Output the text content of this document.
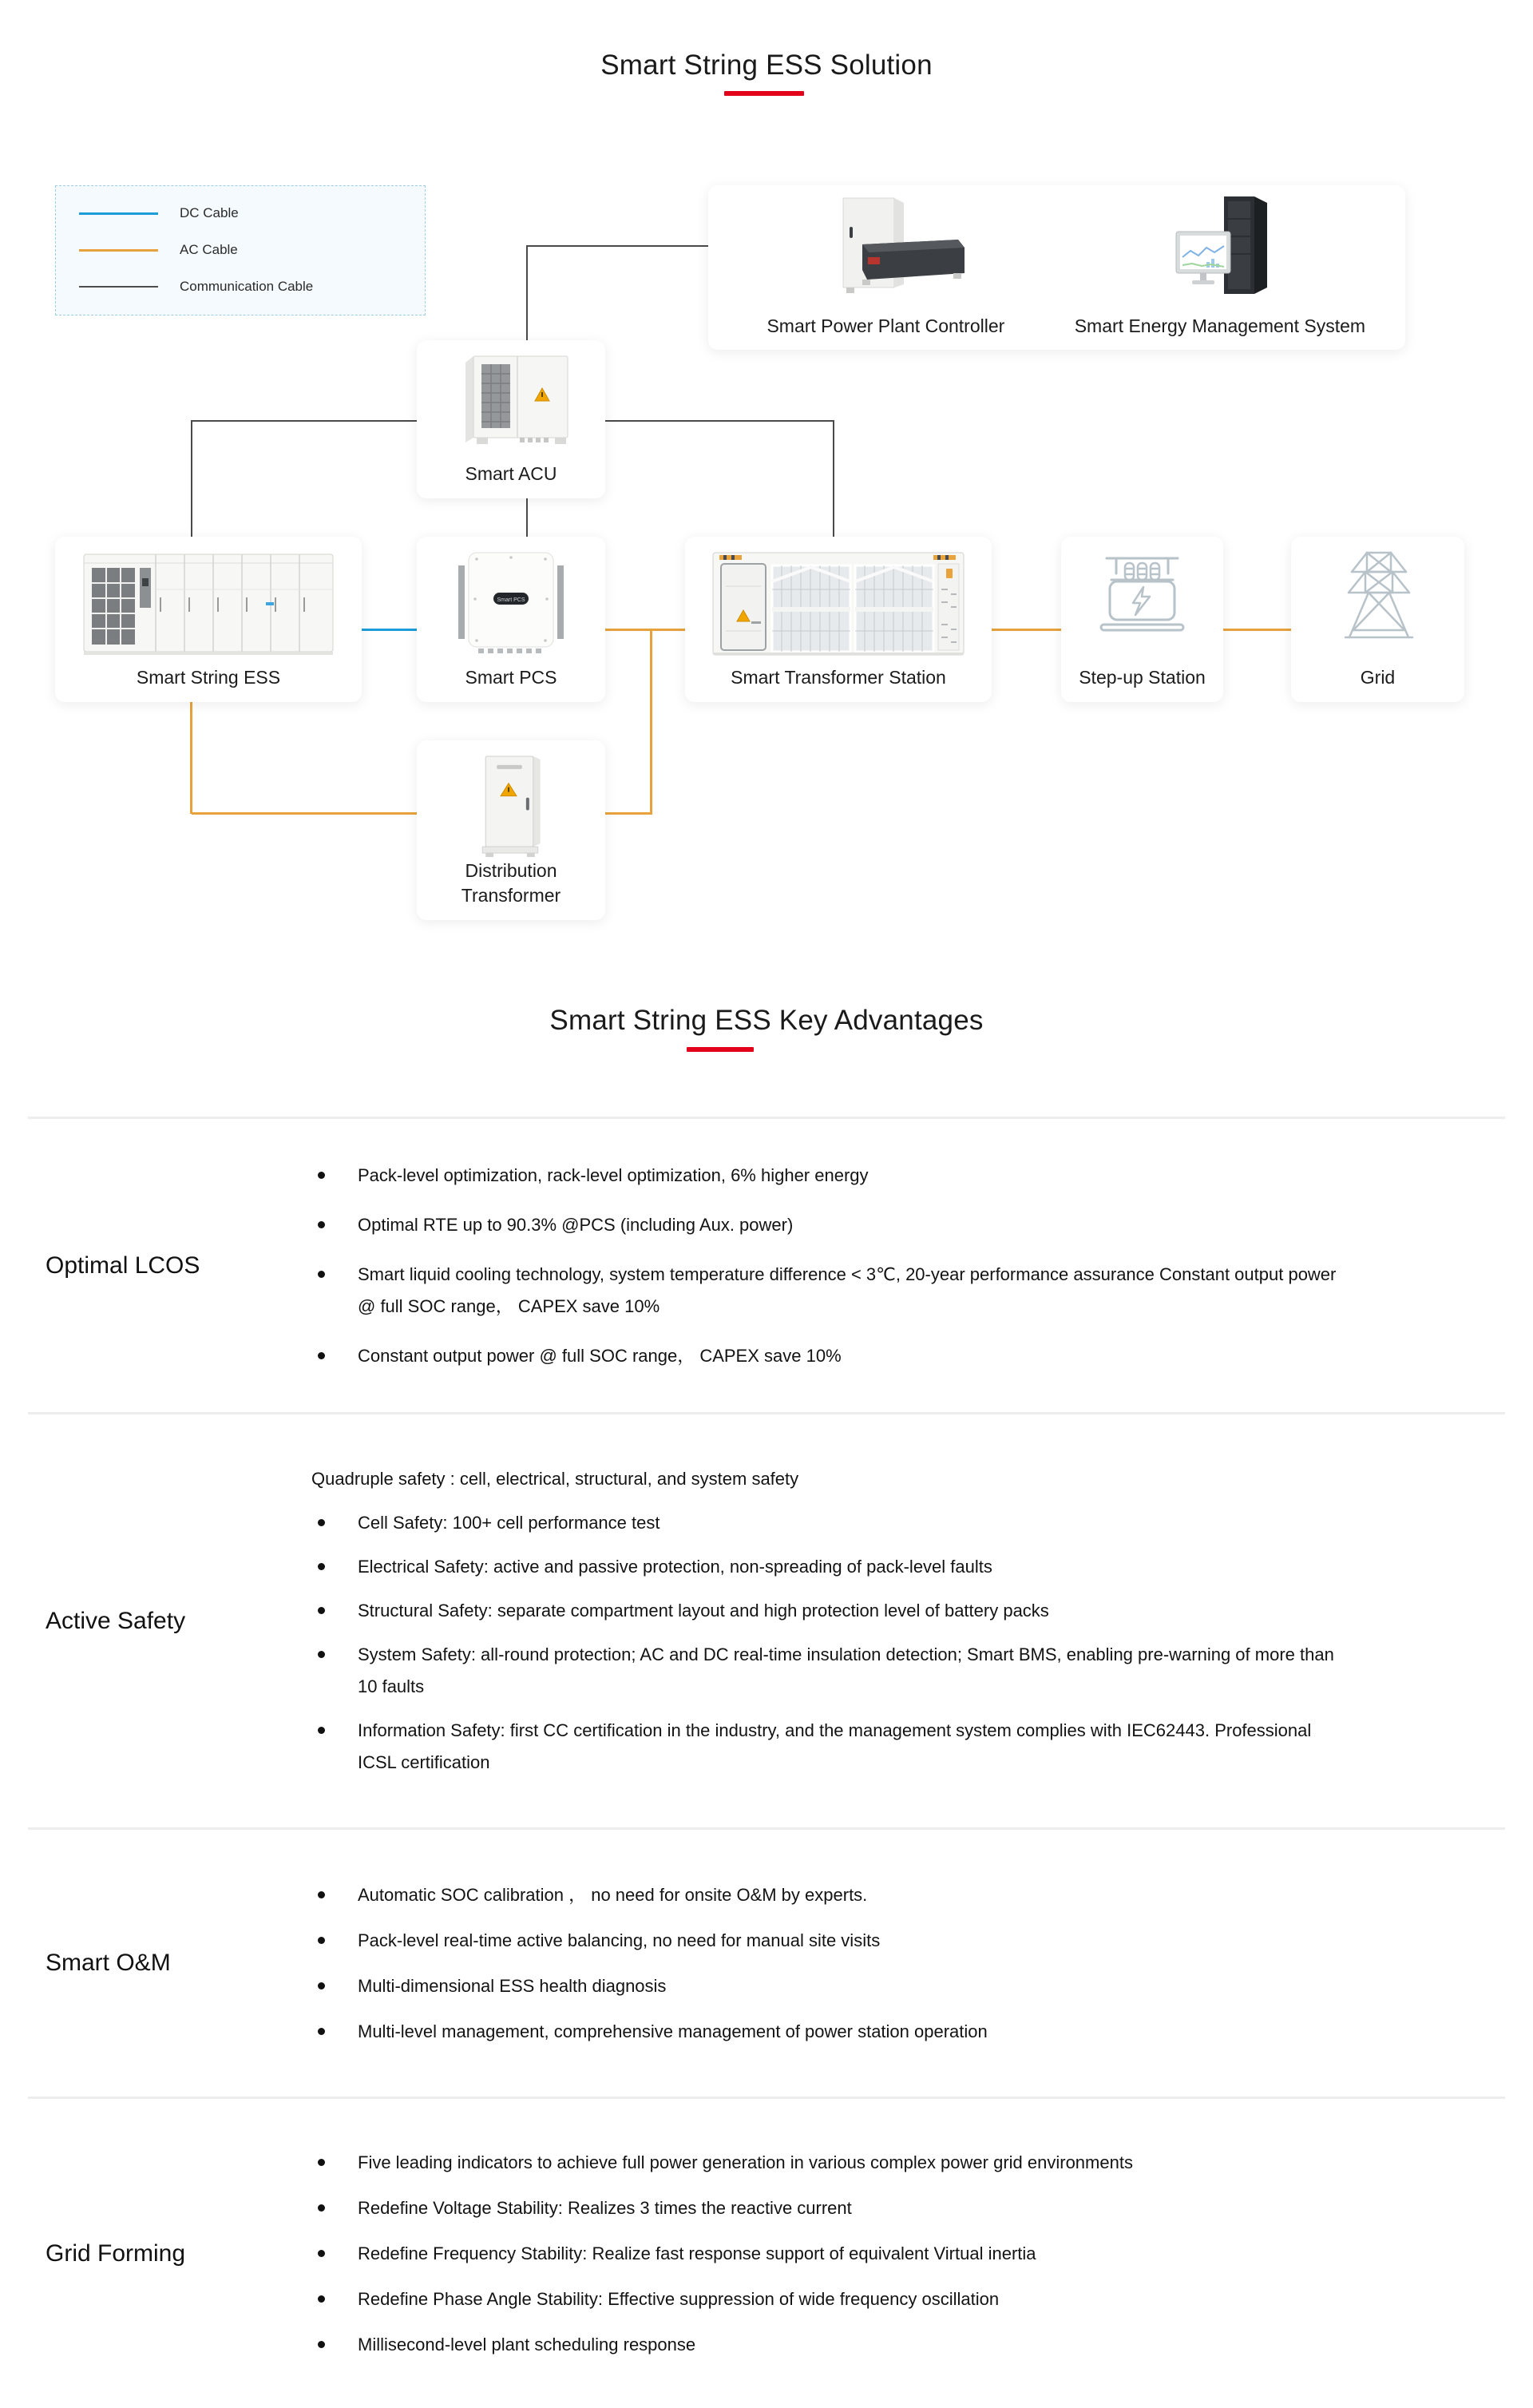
Smart String ESS Solution
DC Cable
AC Cable
Communication Cable
Smart Power Plant Controller	Smart Energy Management System
Smart ACU
Smart String ESS
Smart PCS
Smart PCS	Smart Transformer Station	Step-up Station	Grid
Distribution Transformer
Smart String ESS Key Advantages
Optimal LCOS
Pack-level optimization, rack-level optimization, 6% higher energy
Optimal RTE up to 90.3% @PCS (including Aux. power)
Smart liquid cooling technology, system temperature difference < 3℃, 20-year performance assurance Constant output power @ full SOC range， CAPEX save 10%
Constant output power @ full SOC range， CAPEX save 10%
Active Safety
Quadruple safety : cell, electrical, structural, and system safety
Cell Safety: 100+ cell performance test
Electrical Safety: active and passive protection, non-spreading of pack-level faults
Structural Safety: separate compartment layout and high protection level of battery packs
System Safety: all-round protection; AC and DC real-time insulation detection; Smart BMS, enabling pre-warning of more than 10 faults
Information Safety: first CC certification in the industry, and the management system complies with IEC62443. Professional ICSL certification
Smart O&M
Automatic SOC calibration ， no need for onsite O&M by experts.
Pack-level real-time active balancing, no need for manual site visits
Multi-dimensional ESS health diagnosis
Multi-level management, comprehensive management of power station operation
Grid Forming
Five leading indicators to achieve full power generation in various complex power grid environments
Redefine Voltage Stability: Realizes 3 times the reactive current
Redefine Frequency Stability: Realize fast response support of equivalent Virtual inertia
Redefine Phase Angle Stability: Effective suppression of wide frequency oscillation
Millisecond-level plant scheduling response
